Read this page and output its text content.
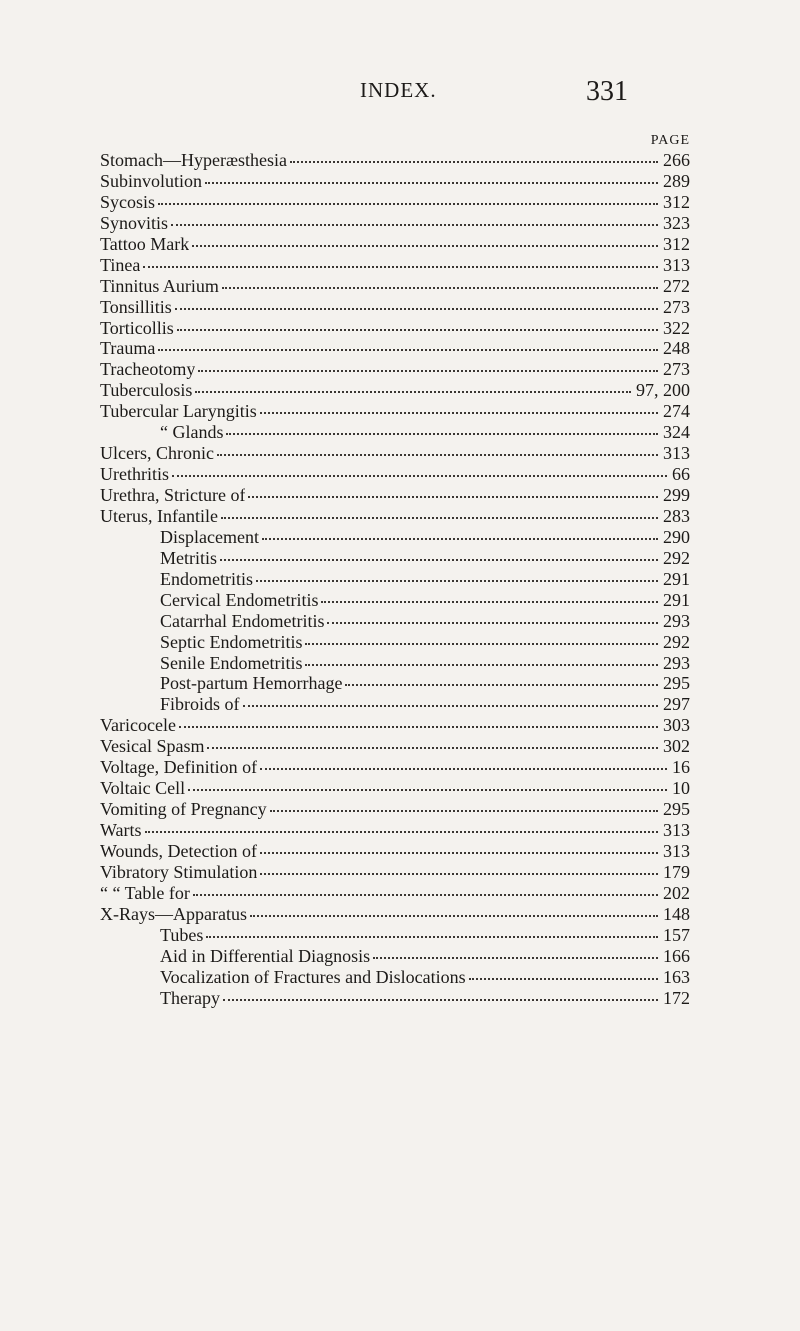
INDEX.	331
PAGE
Stomach—Hyperæsthesia	266
Subinvolution	289
Sycosis	312
Synovitis	323
Tattoo Mark	312
Tinea	313
Tinnitus Aurium	272
Tonsillitis	273
Torticollis	322
Trauma	248
Tracheotomy	273
Tuberculosis	97, 200
Tubercular Laryngitis	274
“ Glands	324
Ulcers, Chronic	313
Urethritis	66
Urethra, Stricture of	299
Uterus, Infantile	283
Displacement	290
Metritis	292
Endometritis	291
Cervical Endometritis	291
Catarrhal Endometritis	293
Septic Endometritis	292
Senile Endometritis	293
Post-partum Hemorrhage	295
Fibroids of	297
Varicocele	303
Vesical Spasm	302
Voltage, Definition of	16
Voltaic Cell	10
Vomiting of Pregnancy	295
Warts	313
Wounds, Detection of	313
Vibratory Stimulation	179
“ “ Table for	202
X-Rays—Apparatus	148
Tubes	157
Aid in Differential Diagnosis	166
Vocalization of Fractures and Dislocations	163
Therapy	172
